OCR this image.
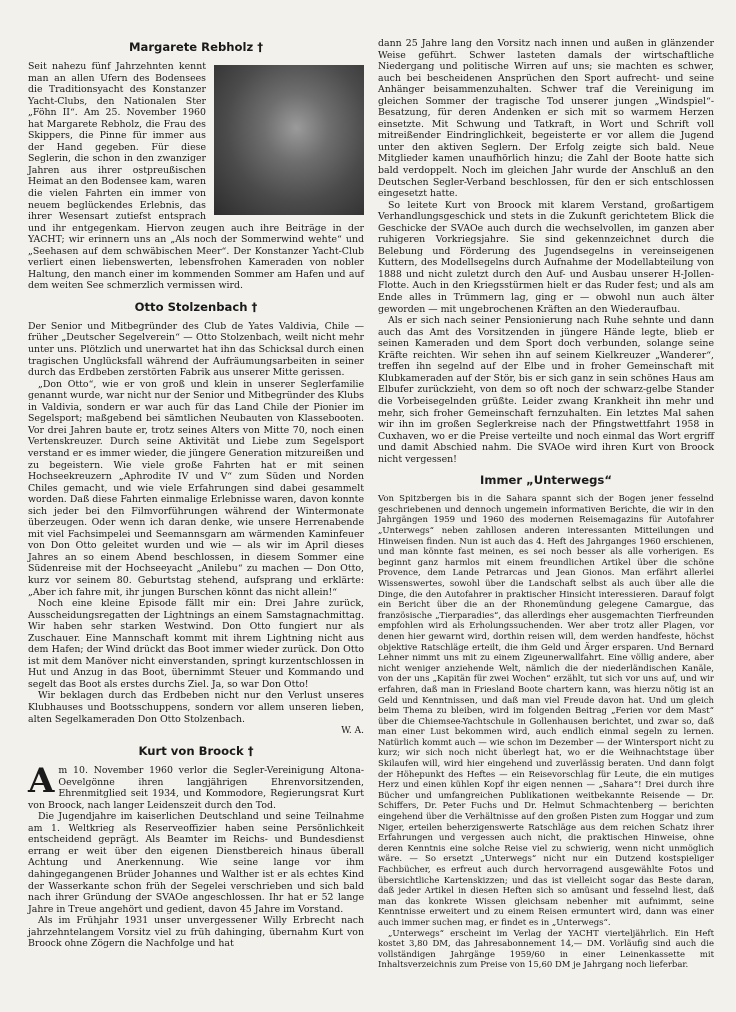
Margarete Rebholz †

Seit nahezu fünf Jahrzehnten kennt man an allen Ufern des Bodensees die Traditionsyacht des Konstanzer Yacht-Clubs, den Nationalen Ster „Föhn II“. Am 25. November 1960 hat Margarete Rebholz, die Frau des Skippers, die Pinne für immer aus der Hand gegeben. Für diese Seglerin, die schon in den zwanziger Jahren aus ihrer ostpreußischen Heimat an den Bodensee kam, waren die vielen Fahrten ein immer von neuem beglückendes Erlebnis, das ihrer Wesensart zutiefst entsprach und ihr entgegenkam. Hiervon zeugen auch ihre Beiträge in der YACHT; wir erinnern uns an „Als noch der Sommerwind wehte“ und „Seehasen auf dem schwäbischen Meer“. Der Konstanzer Yacht-Club verliert einen liebenswerten, lebensfrohen Kameraden von nobler Haltung, den manch einer im kommenden Sommer am Hafen und auf dem weiten See schmerzlich vermissen wird.

Otto Stolzenbach †

Der Senior und Mitbegründer des Club de Yates Valdivia, Chile — früher „Deutscher Segelverein“ — Otto Stolzenbach, weilt nicht mehr unter uns. Plötzlich und unerwartet hat ihn das Schicksal durch einen tragischen Unglücksfall während der Aufräumungsarbeiten in seiner durch das Erdbeben zerstörten Fabrik aus unserer Mitte gerissen.

„Don Otto“, wie er von groß und klein in unserer Seglerfamilie genannt wurde, war nicht nur der Senior und Mitbegründer des Klubs in Valdivia, sondern er war auch für das Land Chile der Pionier im Segelsport; maßgebend bei sämtlichen Neubauten von Klassebooten. Vor drei Jahren baute er, trotz seines Alters von Mitte 70, noch einen Vertenskreuzer. Durch seine Aktivität und Liebe zum Segelsport verstand er es immer wieder, die jüngere Generation mitzureißen und zu begeistern. Wie viele große Fahrten hat er mit seinen Hochseekreuzern „Aphrodite IV und V“ zum Süden und Norden Chiles gemacht, und wie viele Erfahrungen sind dabei gesammelt worden. Daß diese Fahrten einmalige Erlebnisse waren, davon konnte sich jeder bei den Filmvorführungen während der Wintermonate überzeugen. Oder wenn ich daran denke, wie unsere Herrenabende mit viel Fachsimpelei und Seemannsgarn am wärmenden Kaminfeuer von Don Otto geleitet wurden und wie — als wir im April dieses Jahres an so einem Abend beschlossen, in diesem Sommer eine Südenreise mit der Hochseeyacht „Anilebu“ zu machen — Don Otto, kurz vor seinem 80. Geburtstag stehend, aufsprang und erklärte: „Aber ich fahre mit, ihr jungen Burschen könnt das nicht allein!“

Noch eine kleine Episode fällt mir ein: Drei Jahre zurück, Ausscheidungsregatten der Lightnings an einem Samstagnachmittag. Wir haben sehr starken Westwind. Don Otto fungiert nur als Zuschauer. Eine Mannschaft kommt mit ihrem Lightning nicht aus dem Hafen; der Wind drückt das Boot immer wieder zurück. Don Otto ist mit dem Manöver nicht einverstanden, springt kurzentschlossen in Hut und Anzug in das Boot, übernimmt Steuer und Kommando und segelt das Boot als erstes durchs Ziel. Ja, so war Don Otto!

Wir beklagen durch das Erdbeben nicht nur den Verlust unseres Klubhauses und Bootsschuppens, sondern vor allem unseren lieben, alten Segelkameraden Don Otto Stolzenbach.

W. A.
Kurt von Broock †

Am 10. November 1960 verlor die Segler-Vereinigung Altona-Oevelgönne ihren langjährigen Ehrenvorsitzenden, Ehrenmitglied seit 1934, und Kommodore, Regierungsrat Kurt von Broock, nach langer Leidenszeit durch den Tod.

Die Jugendjahre im kaiserlichen Deutschland und seine Teilnahme am 1. Weltkrieg als Reserveoffizier haben seine Persönlichkeit entscheidend geprägt. Als Beamter im Reichs- und Bundesdienst errang er weit über den eigenen Dienstbereich hinaus überall Achtung und Anerkennung. Wie seine lange vor ihm dahingegangenen Brüder Johannes und Walther ist er als echtes Kind der Wasserkante schon früh der Segelei verschrieben und sich bald nach ihrer Gründung der SVAOe angeschlossen. Ihr hat er 52 lange Jahre in Treue angehört und gedient, davon 45 Jahre im Vorstand.

Als im Frühjahr 1931 unser unvergessener Willy Erbrecht nach jahrzehntelangem Vorsitz viel zu früh dahinging, übernahm Kurt von Broock ohne Zögern die Nachfolge und hat

dann 25 Jahre lang den Vorsitz nach innen und außen in glänzender Weise geführt. Schwer lasteten damals der wirtschaftliche Niedergang und politische Wirren auf uns; sie machten es schwer, auch bei bescheidenen Ansprüchen den Sport aufrecht- und seine Anhänger beisammenzuhalten. Schwer traf die Vereinigung im gleichen Sommer der tragische Tod unserer jungen „Windspiel“-Besatzung, für deren Andenken er sich mit so warmem Herzen einsetzte. Mit Schwung und Tatkraft, in Wort und Schrift voll mitreißender Eindringlichkeit, begeisterte er vor allem die Jugend unter den aktiven Seglern. Der Erfolg zeigte sich bald. Neue Mitglieder kamen unaufhörlich hinzu; die Zahl der Boote hatte sich bald verdoppelt. Noch im gleichen Jahr wurde der Anschluß an den Deutschen Segler-Verband beschlossen, für den er sich entschlossen eingesetzt hatte.

So leitete Kurt von Broock mit klarem Verstand, großartigem Verhandlungsgeschick und stets in die Zukunft gerichtetem Blick die Geschicke der SVAOe auch durch die wechselvollen, im ganzen aber ruhigeren Vorkriegsjahre. Sie sind gekennzeichnet durch die Belebung und Förderung des Jugendsegelns in vereinseigenen Kuttern, des Modellsegelns durch Aufnahme der Modellabteilung von 1888 und nicht zuletzt durch den Auf- und Ausbau unserer H-Jollen-Flotte. Auch in den Kriegsstürmen hielt er das Ruder fest; und als am Ende alles in Trümmern lag, ging er — obwohl nun auch älter geworden — mit ungebrochenen Kräften an den Wiederaufbau.

Als er sich nach seiner Pensionierung nach Ruhe sehnte und dann auch das Amt des Vorsitzenden in jüngere Hände legte, blieb er seinen Kameraden und dem Sport doch verbunden, solange seine Kräfte reichten. Wir sehen ihn auf seinem Kielkreuzer „Wanderer“, treffen ihn segelnd auf der Elbe und in froher Gemeinschaft mit Klubkameraden auf der Stör, bis er sich ganz in sein schönes Haus am Elbufer zurückzieht, von dem so oft noch der schwarz-gelbe Stander die Vorbeisegelnden grüßte. Leider zwang Krankheit ihn mehr und mehr, sich froher Gemeinschaft fernzuhalten. Ein letztes Mal sahen wir ihn im großen Seglerkreise nach der Pfingstwettfahrt 1958 in Cuxhaven, wo er die Preise verteilte und noch einmal das Wort ergriff und damit Abschied nahm. Die SVAOe wird ihren Kurt von Broock nicht vergessen!

Immer „Unterwegs“

Von Spitzbergen bis in die Sahara spannt sich der Bogen jener fesselnd geschriebenen und dennoch ungemein informativen Berichte, die wir in den Jahrgängen 1959 und 1960 des modernen Reisemagazins für Autofahrer „Unterwegs“ neben zahllosen anderen interessanten Mitteilungen und Hinweisen finden. Nun ist auch das 4. Heft des Jahrganges 1960 erschienen, und man könnte fast meinen, es sei noch besser als alle vorherigen. Es beginnt ganz harmlos mit einem freundlichen Artikel über die schöne Provence, dem Lande Petrarcas und Jean Gionos. Man erfährt allerlei Wissenswertes, sowohl über die Landschaft selbst als auch über alle die Dinge, die den Autofahrer in praktischer Hinsicht interessieren. Darauf folgt ein Bericht über die an der Rhonemündung gelegene Camargue, das französische „Tierparadies“, das allerdings eher ausgemachten Tierfreunden empfohlen wird als Erholungssuchenden. Wer aber trotz aller Plagen, vor denen hier gewarnt wird, dorthin reisen will, dem werden handfeste, höchst objektive Ratschläge erteilt, die ihm Geld und Ärger ersparen. Und Bernard Lehner nimmt uns mit zu einem Zigeunerwallfahrt. Eine völlig andere, aber nicht weniger anziehende Welt, nämlich die der niederländischen Kanäle, von der uns „Kapitän für zwei Wochen“ erzählt, tut sich vor uns auf, und wir erfahren, daß man in Friesland Boote chartern kann, was hierzu nötig ist an Geld und Kenntnissen, und daß man viel Freude davon hat. Und um gleich beim Thema zu bleiben, wird im folgenden Beitrag „Ferien vor dem Mast“ über die Chiemsee-Yachtschule in Gollenhausen berichtet, und zwar so, daß man einer Lust bekommen wird, auch endlich einmal segeln zu lernen. Natürlich kommt auch — wie schon im Dezember — der Wintersport nicht zu kurz; wir sich noch nicht überlegt hat, wo er die Weihnachtstage über Skilaufen will, wird hier eingehend und zuverlässig beraten. Und dann folgt der Höhepunkt des Heftes — ein Reisevorschlag für Leute, die ein mutiges Herz und einen kühlen Kopf ihr eigen nennen — „Sahara“! Drei durch ihre Bücher und umfangreichen Publikationen weitbekannte Reisende — Dr. Schiffers, Dr. Peter Fuchs und Dr. Helmut Schmachtenberg — berichten eingehend über die Verhältnisse auf den großen Pisten zum Hoggar und zum Niger, erteilen beherzigenswerte Ratschläge aus dem reichen Schatz ihrer Erfahrungen und vergessen auch nicht, die praktischen Hinweise, ohne deren Kenntnis eine solche Reise viel zu schwierig, wenn nicht unmöglich wäre. — So ersetzt „Unterwegs“ nicht nur ein Dutzend kostspieliger Fachbücher, es erfreut auch durch hervorragend ausgewählte Fotos und übersichtliche Kartenskizzen; und das ist vielleicht sogar das Beste daran, daß jeder Artikel in diesen Heften sich so amüsant und fesselnd liest, daß man das konkrete Wissen gleichsam nebenher mit aufnimmt, seine Kenntnisse erweitert und zu einem Reisen ermuntert wird, dann was einer auch immer suchen mag, er findet es in „Unterwegs“.

„Unterwegs“ erscheint im Verlag der YACHT vierteljährlich. Ein Heft kostet 3,80 DM, das Jahresabonnement 14,— DM. Vorläufig sind auch die vollständigen Jahrgänge 1959/60 in einer Leinenkassette mit Inhaltsverzeichnis zum Preise von 15,60 DM je Jahrgang noch lieferbar.
